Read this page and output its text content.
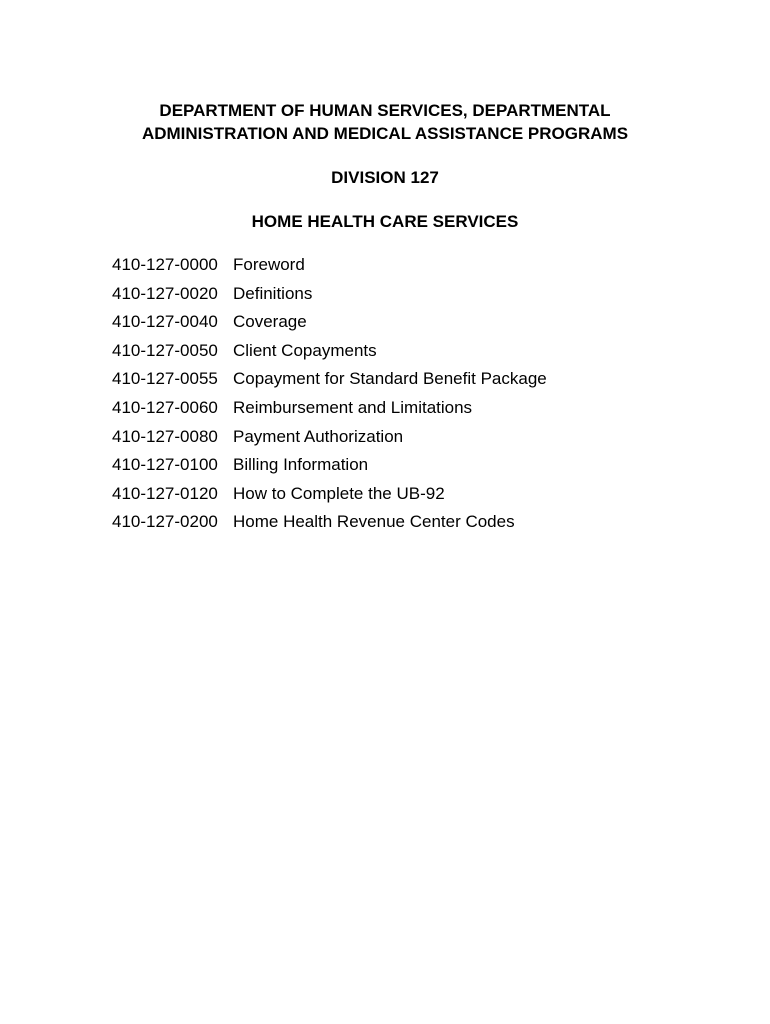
DEPARTMENT OF HUMAN SERVICES, DEPARTMENTAL
ADMINISTRATION AND MEDICAL ASSISTANCE PROGRAMS
DIVISION 127
HOME HEALTH CARE SERVICES
410-127-0000 Foreword
410-127-0020 Definitions
410-127-0040 Coverage
410-127-0050 Client Copayments
410-127-0055 Copayment for Standard Benefit Package
410-127-0060 Reimbursement and Limitations
410-127-0080 Payment Authorization
410-127-0100 Billing Information
410-127-0120 How to Complete the UB-92
410-127-0200 Home Health Revenue Center Codes
